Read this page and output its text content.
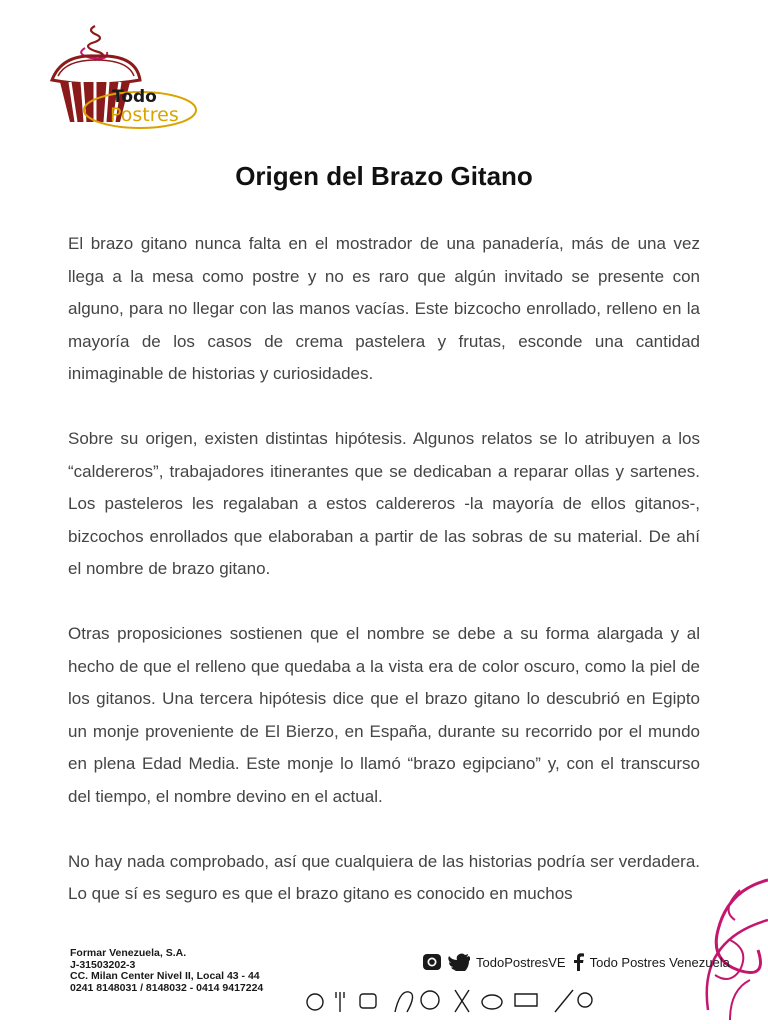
Todo
Postres
Origen del Brazo Gitano

El brazo gitano nunca falta en el mostrador de una panadería, más de una vez llega a la mesa como postre y no es raro que algún invitado se presente con alguno, para no llegar con las manos vacías. Este bizcocho enrollado, relleno en la mayoría de los casos de crema pastelera y frutas, esconde una cantidad inimaginable de historias y curiosidades.

Sobre su origen, existen distintas hipótesis. Algunos relatos se lo atribuyen a los “caldereros”, trabajadores itinerantes que se dedicaban a reparar ollas y sartenes. Los pasteleros les regalaban a estos caldereros -la mayoría de ellos gitanos-, bizcochos enrollados que elaboraban a partir de las sobras de su material. De ahí el nombre de brazo gitano.

Otras proposiciones sostienen que el nombre se debe a su forma alargada y al hecho de que el relleno que quedaba a la vista era de color oscuro, como la piel de los gitanos. Una tercera hipótesis dice que el brazo gitano lo descubrió en Egipto un monje proveniente de El Bierzo, en España, durante su recorrido por el mundo en plena Edad Media. Este monje lo llamó “brazo egipciano” y, con el transcurso del tiempo, el nombre devino en el actual.

No hay nada comprobado, así que cualquiera de las historias podría ser verdadera. Lo que sí es seguro es que el brazo gitano es conocido en muchos

Formar Venezuela, S.A.
J-31503202-3
CC. Milan Center Nivel II, Local 43 - 44
0241 8148031 / 8148032 - 0414 9417224
TodoPostresVE Todo Postres Venezuela
